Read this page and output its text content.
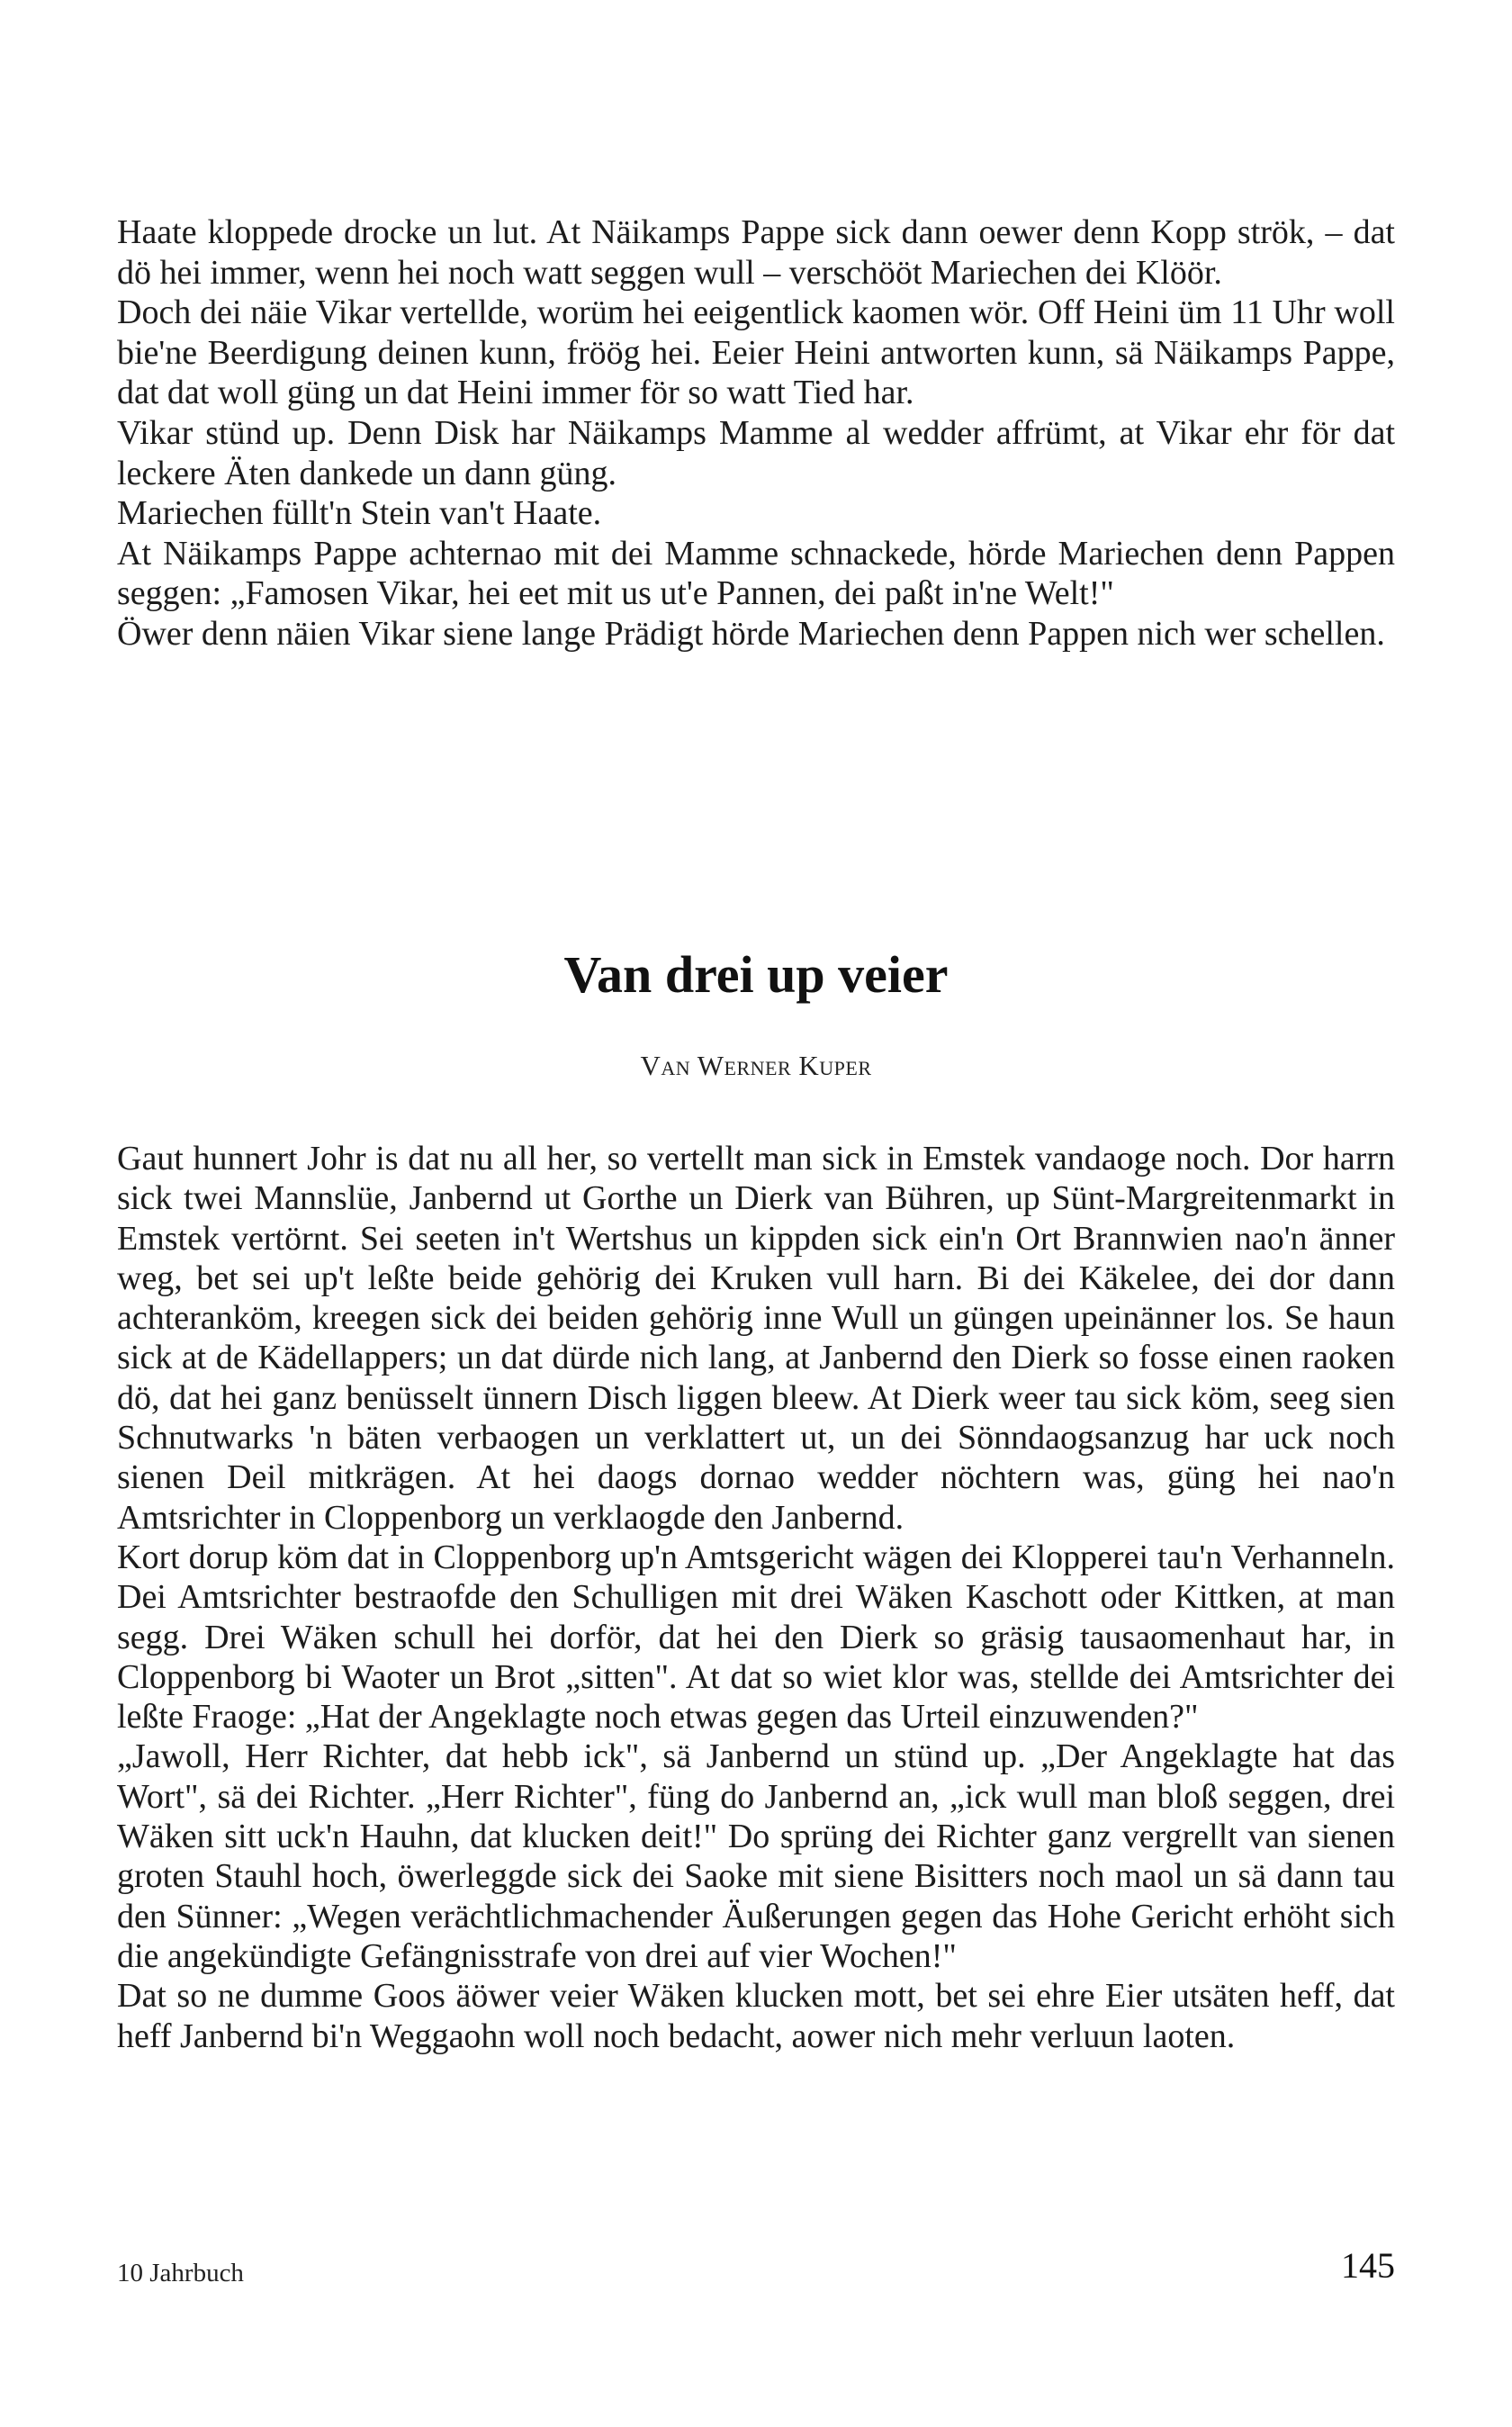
Haate kloppede drocke un lut. At Näikamps Pappe sick dann oewer denn Kopp strök, – dat dö hei immer, wenn hei noch watt seggen wull – verschööt Mariechen dei Klöör.

Doch dei näie Vikar vertellde, worüm hei eeigentlick kaomen wör. Off Heini üm 11 Uhr woll bie'ne Beerdigung deinen kunn, fröög hei. Eeier Heini antworten kunn, sä Näikamps Pappe, dat dat woll güng un dat Heini immer för so watt Tied har.

Vikar stünd up. Denn Disk har Näikamps Mamme al wedder affrümt, at Vikar ehr för dat leckere Äten dankede un dann güng.

Mariechen füllt'n Stein van't Haate.

At Näikamps Pappe achternao mit dei Mamme schnackede, hörde Mariechen denn Pappen seggen: „Famosen Vikar, hei eet mit us ut'e Pannen, dei paßt in'ne Welt!"

Öwer denn näien Vikar siene lange Prädigt hörde Mariechen denn Pappen nich wer schellen.

Van drei up veier
Van Werner Kuper

Gaut hunnert Johr is dat nu all her, so vertellt man sick in Emstek vandaoge noch. Dor harrn sick twei Mannslüe, Janbernd ut Gorthe un Dierk van Bühren, up Sünt-Margreitenmarkt in Emstek vertörnt. Sei seeten in't Wertshus un kippden sick ein'n Ort Brannwien nao'n änner weg, bet sei up't leßte beide gehörig dei Kruken vull harn. Bi dei Käkelee, dei dor dann achteranköm, kreegen sick dei beiden gehörig inne Wull un güngen upeinänner los. Se haun sick at de Kädellappers; un dat dürde nich lang, at Janbernd den Dierk so fosse einen raoken dö, dat hei ganz benüsselt ünnern Disch liggen bleew. At Dierk weer tau sick köm, seeg sien Schnutwarks 'n bäten verbaogen un verklattert ut, un dei Sönndaogsanzug har uck noch sienen Deil mitkrägen. At hei daogs dornao wedder nöchtern was, güng hei nao'n Amtsrichter in Cloppenborg un verklaogde den Janbernd.

Kort dorup köm dat in Cloppenborg up'n Amtsgericht wägen dei Klopperei tau'n Verhanneln. Dei Amtsrichter bestraofde den Schulligen mit drei Wäken Kaschott oder Kittken, at man segg. Drei Wäken schull hei dorför, dat hei den Dierk so gräsig tausaomenhaut har, in Cloppenborg bi Waoter un Brot „sitten". At dat so wiet klor was, stellde dei Amtsrichter dei leßte Fraoge: „Hat der Angeklagte noch etwas gegen das Urteil einzuwenden?"

„Jawoll, Herr Richter, dat hebb ick", sä Janbernd un stünd up. „Der Angeklagte hat das Wort", sä dei Richter. „Herr Richter", füng do Janbernd an, „ick wull man bloß seggen, drei Wäken sitt uck'n Hauhn, dat klucken deit!" Do sprüng dei Richter ganz vergrellt van sienen groten Stauhl hoch, öwerleggde sick dei Saoke mit siene Bisitters noch maol un sä dann tau den Sünner: „Wegen verächtlichmachender Äußerungen gegen das Hohe Gericht erhöht sich die angekündigte Gefängnisstrafe von drei auf vier Wochen!"

Dat so ne dumme Goos äöwer veier Wäken klucken mott, bet sei ehre Eier utsäten heff, dat heff Janbernd bi'n Weggaohn woll noch bedacht, aower nich mehr verluun laoten.

10 Jahrbuch	145
